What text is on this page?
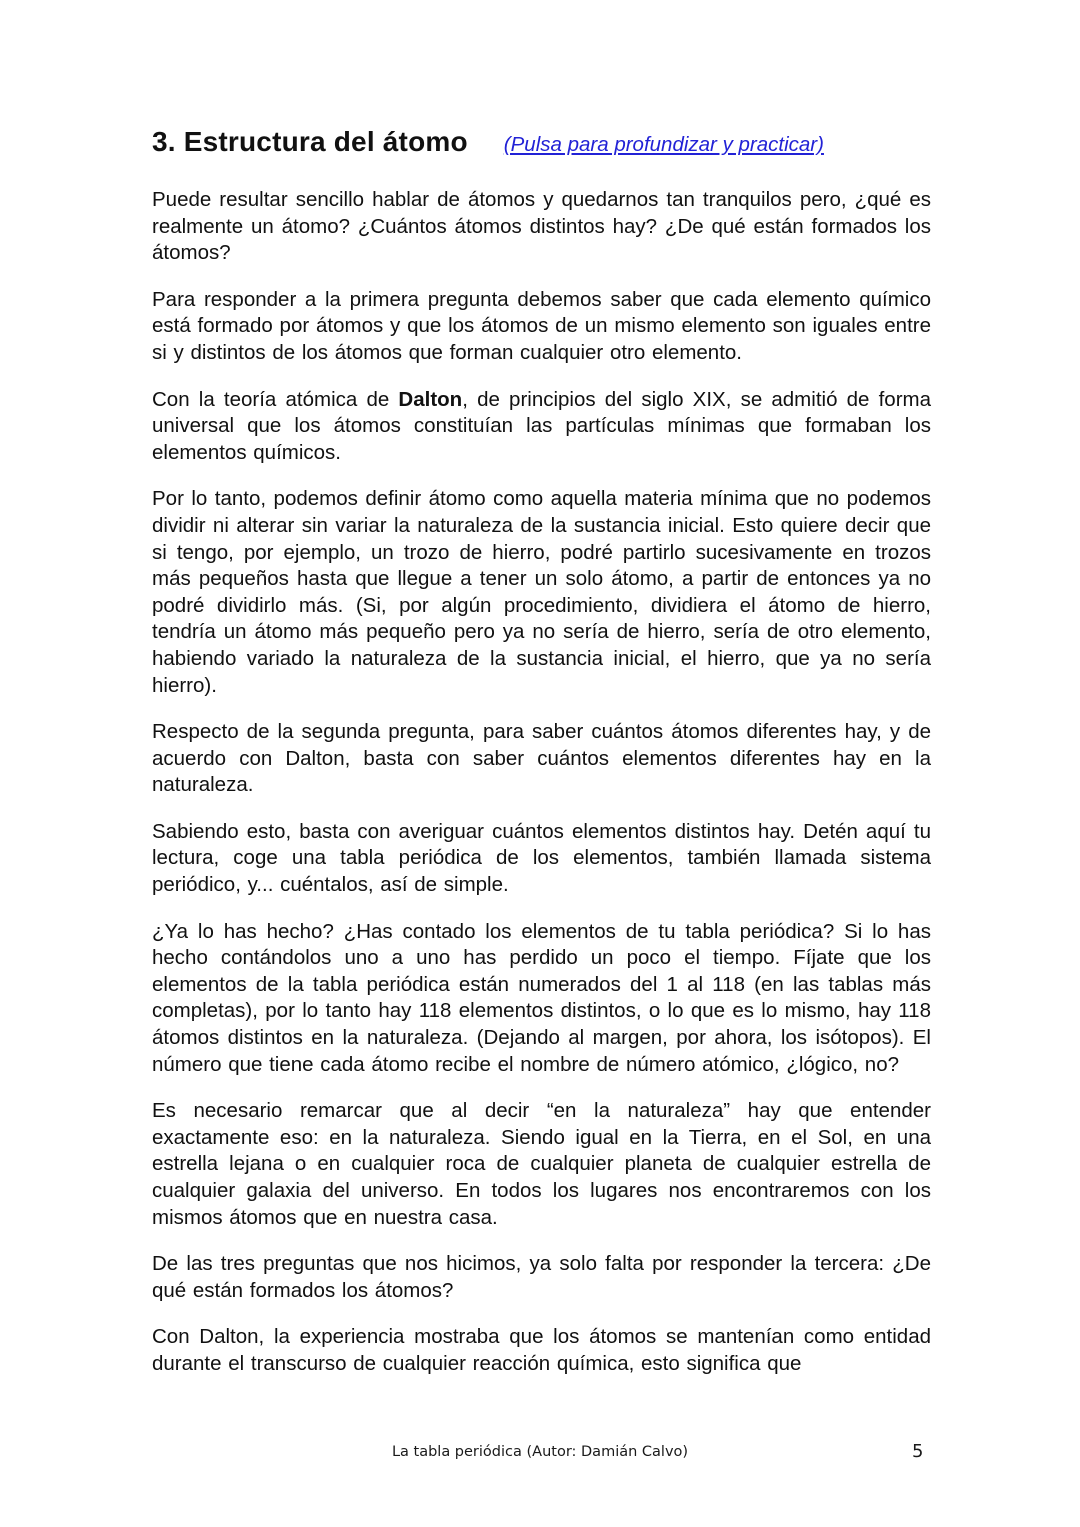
3. Estructura del átomo (Pulsa para profundizar y practicar)

Puede resultar sencillo hablar de átomos y quedarnos tan tranquilos pero, ¿qué es realmente un átomo? ¿Cuántos átomos distintos hay? ¿De qué están formados los átomos?

Para responder a la primera pregunta debemos saber que cada elemento químico está formado por átomos y que los átomos de un mismo elemento son iguales entre si y distintos de los átomos que forman cualquier otro elemento.

Con la teoría atómica de Dalton, de principios del siglo XIX, se admitió de forma universal que los átomos constituían las partículas mínimas que formaban los elementos químicos.

Por lo tanto, podemos definir átomo como aquella materia mínima que no podemos dividir ni alterar sin variar la naturaleza de la sustancia inicial. Esto quiere decir que si tengo, por ejemplo, un trozo de hierro, podré partirlo sucesivamente en trozos más pequeños hasta que llegue a tener un solo átomo, a partir de entonces ya no podré dividirlo más. (Si, por algún procedimiento, dividiera el átomo de hierro, tendría un átomo más pequeño pero ya no sería de hierro, sería de otro elemento, habiendo variado la naturaleza de la sustancia inicial, el hierro, que ya no sería hierro).

Respecto de la segunda pregunta, para saber cuántos átomos diferentes hay, y de acuerdo con Dalton, basta con saber cuántos elementos diferentes hay en la naturaleza.

Sabiendo esto, basta con averiguar cuántos elementos distintos hay. Detén aquí tu lectura, coge una tabla periódica de los elementos, también llamada sistema periódico, y... cuéntalos, así de simple.

¿Ya lo has hecho? ¿Has contado los elementos de tu tabla periódica? Si lo has hecho contándolos uno a uno has perdido un poco el tiempo. Fíjate que los elementos de la tabla periódica están numerados del 1 al 118 (en las tablas más completas), por lo tanto hay 118 elementos distintos, o lo que es lo mismo, hay 118 átomos distintos en la naturaleza. (Dejando al margen, por ahora, los isótopos). El número que tiene cada átomo recibe el nombre de número atómico, ¿lógico, no?

Es necesario remarcar que al decir “en la naturaleza” hay que entender exactamente eso: en la naturaleza. Siendo igual en la Tierra, en el Sol, en una estrella lejana o en cualquier roca de cualquier planeta de cualquier estrella de cualquier galaxia del universo. En todos los lugares nos encontraremos con los mismos átomos que en nuestra casa.

De las tres preguntas que nos hicimos, ya solo falta por responder la tercera: ¿De qué están formados los átomos?

Con Dalton, la experiencia mostraba que los átomos se mantenían como entidad durante el transcurso de cualquier reacción química, esto significa que

La tabla periódica (Autor: Damián Calvo)	5
